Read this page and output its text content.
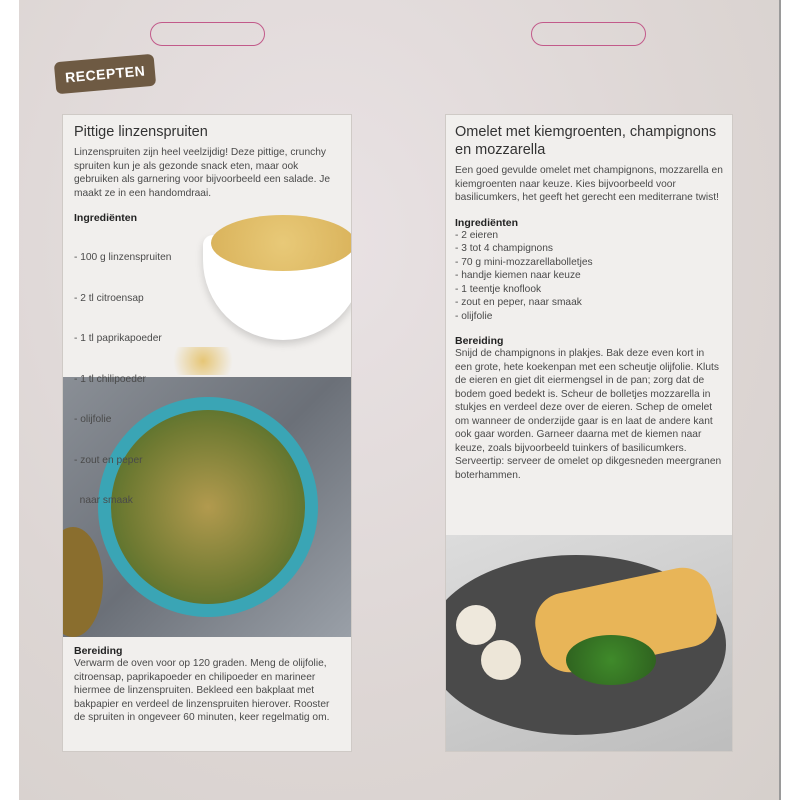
RECEPTEN
Pittige linzenspruiten

Linzenspruiten zijn heel veelzijdig! Deze pittige, crunchy spruiten kun je als gezonde snack eten, maar ook gebruiken als garnering voor bijvoorbeeld een salade. Je maakt ze in een handomdraai.

Ingrediënten

- 100 g linzenspruiten

- 2 tl citroensap

- 1 tl paprikapoeder

- 1 tl chilipoeder

- olijfolie

- zout en peper

naar smaak

Bereiding

Verwarm de oven voor op 120 graden. Meng de olijfolie, citroensap, paprikapoeder en chilipoeder en marineer hiermee de linzenspruiten. Bekleed een bakplaat met bakpapier en verdeel de linzenspruiten hierover. Rooster de spruiten in ongeveer 60 minuten, keer regelmatig om.

Omelet met kiemgroenten, champignons en mozzarella

Een goed gevulde omelet met champignons, mozzarella en kiemgroenten naar keuze. Kies bijvoorbeeld voor basilicumkers, het geeft het gerecht een mediterrane twist!

Ingrediënten
- 2 eieren
- 3 tot 4 champignons
- 70 g mini-mozzarellabolletjes
- handje kiemen naar keuze
- 1 teentje knoflook
- zout en peper, naar smaak
- olijfolie
Bereiding

Snijd de champignons in plakjes. Bak deze even kort in een grote, hete koekenpan met een scheutje olijfolie. Kluts de eieren en giet dit eiermengsel in de pan; zorg dat de bodem goed bedekt is. Scheur de bolletjes mozzarella in stukjes en verdeel deze over de eieren. Schep de omelet om wanneer de onderzijde gaar is en laat de andere kant ook gaar worden. Garneer daarna met de kiemen naar keuze, zoals bijvoorbeeld tuinkers of basilicumkers.

Serveertip: serveer de omelet op dikgesneden meergranen boterhammen.
